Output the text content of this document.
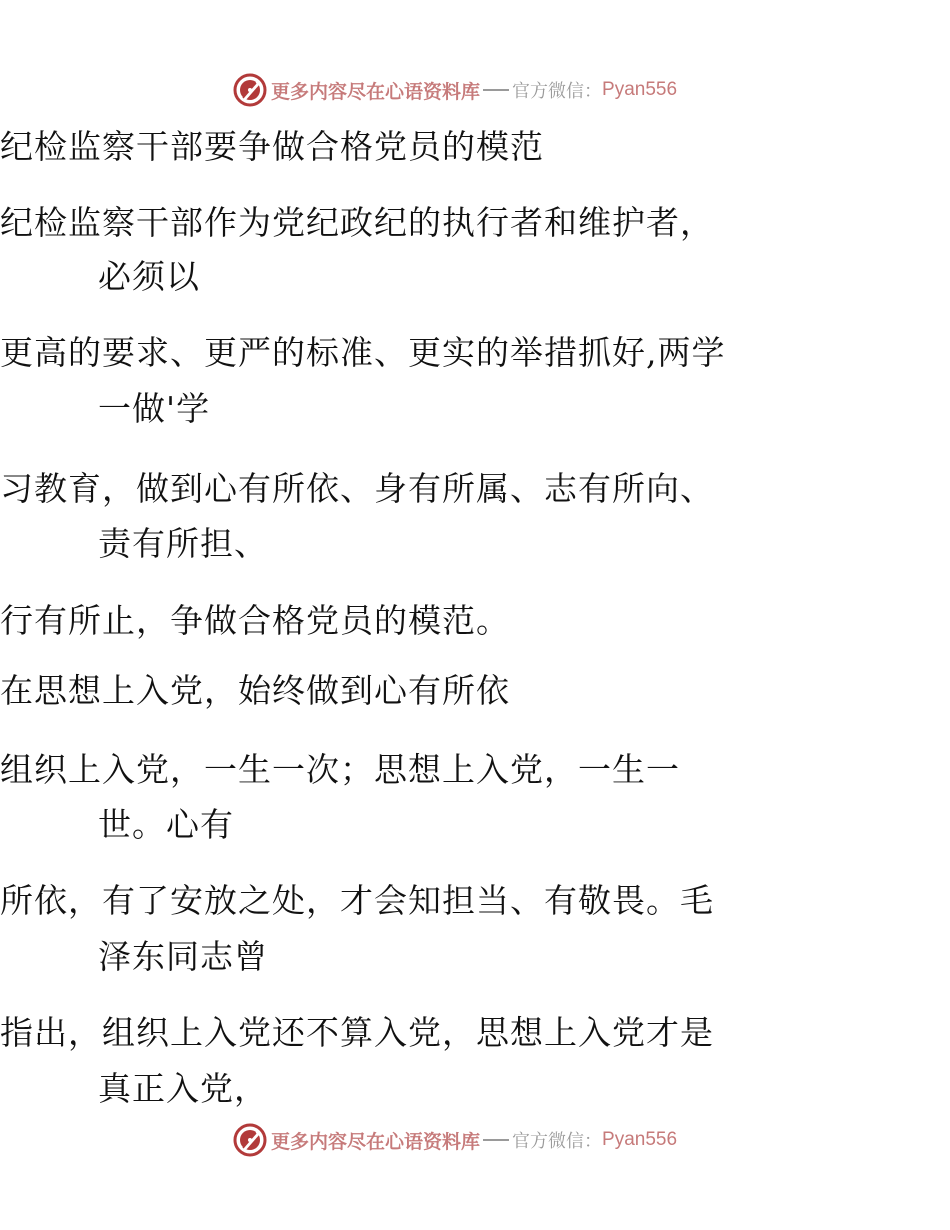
更多内容尽在心语资料库 官方微信： Pyan556
纪检监察干部要争做合格党员的模范
纪检监察干部作为党纪政纪的执行者和维护者，
必须以
更高的要求、更严的标准、更实的举措抓好,两学
一做'学
习教育，做到心有所依、身有所属、志有所向、
责有所担、
行有所止，争做合格党员的模范。
在思想上入党，始终做到心有所依
组织上入党，一生一次；思想上入党，一生一
世。心有
所依，有了安放之处，才会知担当、有敬畏。毛
泽东同志曾
指出，组织上入党还不算入党，思想上入党才是
真正入党，
更多内容尽在心语资料库 官方微信： Pyan556
